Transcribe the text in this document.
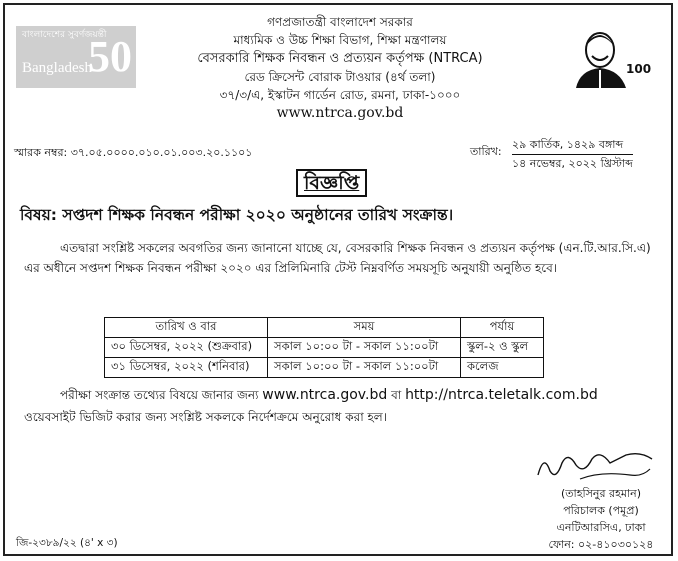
বাংলাদেশের সুবর্ণজয়ন্তী
Bangladesh
50	100
গণপ্রজাতন্ত্রী বাংলাদেশ সরকার
মাধ্যমিক ও উচ্চ শিক্ষা বিভাগ, শিক্ষা মন্ত্রণালয়
বেসরকারি শিক্ষক নিবন্ধন ও প্রত্যয়ন কর্তৃপক্ষ (NTRCA)
রেড ক্রিসেন্ট বোরাক টাওয়ার (৪র্থ তলা)
৩৭/৩/এ, ইস্কাটন গার্ডেন রোড, রমনা, ঢাকা-১০০০
www.ntrca.gov.bd
স্মারক নম্বর: ৩৭.০৫.০০০০.০১০.০১.০০৩.২০.১১০১	তারিখ:
২৯ কার্তিক, ১৪২৯ বঙ্গাব্দ
১৪ নভেম্বর, ২০২২ খ্রিস্টাব্দ
বিজ্ঞপ্তি
বিষয়: সপ্তদশ শিক্ষক নিবন্ধন পরীক্ষা ২০২০ অনুষ্ঠানের তারিখ সংক্রান্ত।
এতদ্বারা সংশ্লিষ্ট সকলের অবগতির জন্য জানানো যাচ্ছে যে, বেসরকারি শিক্ষক নিবন্ধন ও প্রত্যয়ন কর্তৃপক্ষ (এন.টি.আর.সি.এ) এর অধীনে সপ্তদশ শিক্ষক নিবন্ধন পরীক্ষা ২০২০ এর প্রিলিমিনারি টেস্ট নিম্নবর্ণিত সময়সূচি অনুযায়ী অনুষ্ঠিত হবে।
তারিখ ও বার	সময়	পর্যায়
৩০ ডিসেম্বর, ২০২২ (শুক্রবার)	সকাল ১০:০০ টা - সকাল ১১:০০টা	স্কুল-২ ও স্কুল
৩১ ডিসেম্বর, ২০২২ (শনিবার)	সকাল ১০:০০ টা - সকাল ১১:০০টা	কলেজ
পরীক্ষা সংক্রান্ত তথ্যের বিষয়ে জানার জন্য www.ntrca.gov.bd বা http://ntrca.teletalk.com.bd
ওয়েবসাইট ভিজিট করার জন্য সংশ্লিষ্ট সকলকে নির্দেশক্রমে অনুরোধ করা হল।
(তাহসিনুর রহমান)
পরিচালক (পমূপ্র)
এনটিআরসিএ, ঢাকা
ফোন: ০২-৪১০৩০১২৪
জি-২৩৮৯/২২ (৪' x ৩)
